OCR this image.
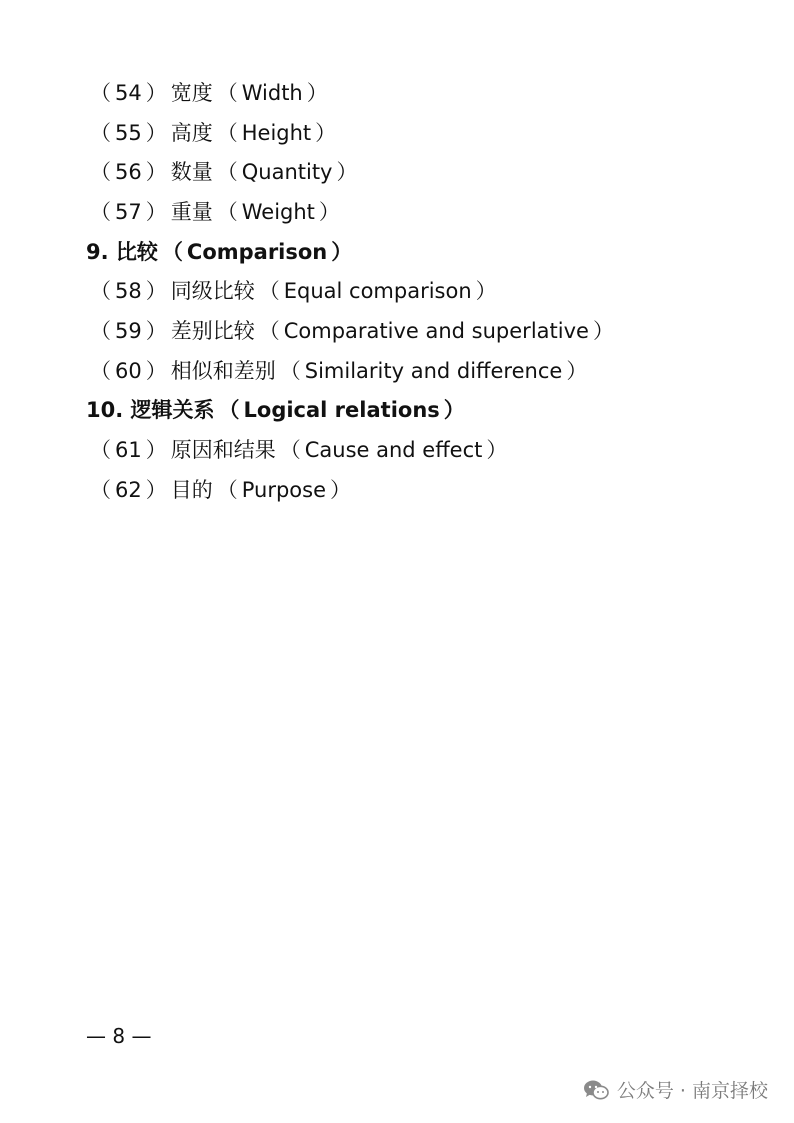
（ 54 ） 宽度 （ Width ）
（ 55 ） 高度 （ Height ）
（ 56 ） 数量 （ Quantity ）
（ 57 ） 重量 （ Weight ）
9.
比较 （ Comparison ）
（ 58 ） 同级比较 （ Equal comparison ）
（ 59 ） 差别比较 （ Comparative and superlative ）
（ 60 ） 相似和差别 （ Similarity and difference ）
10.
逻辑关系 （ Logical relations ）
（ 61 ） 原因和结果 （ Cause and effect ）
（ 62 ） 目的 （ Purpose ）
— 8 —
公众号 · 南京择校
